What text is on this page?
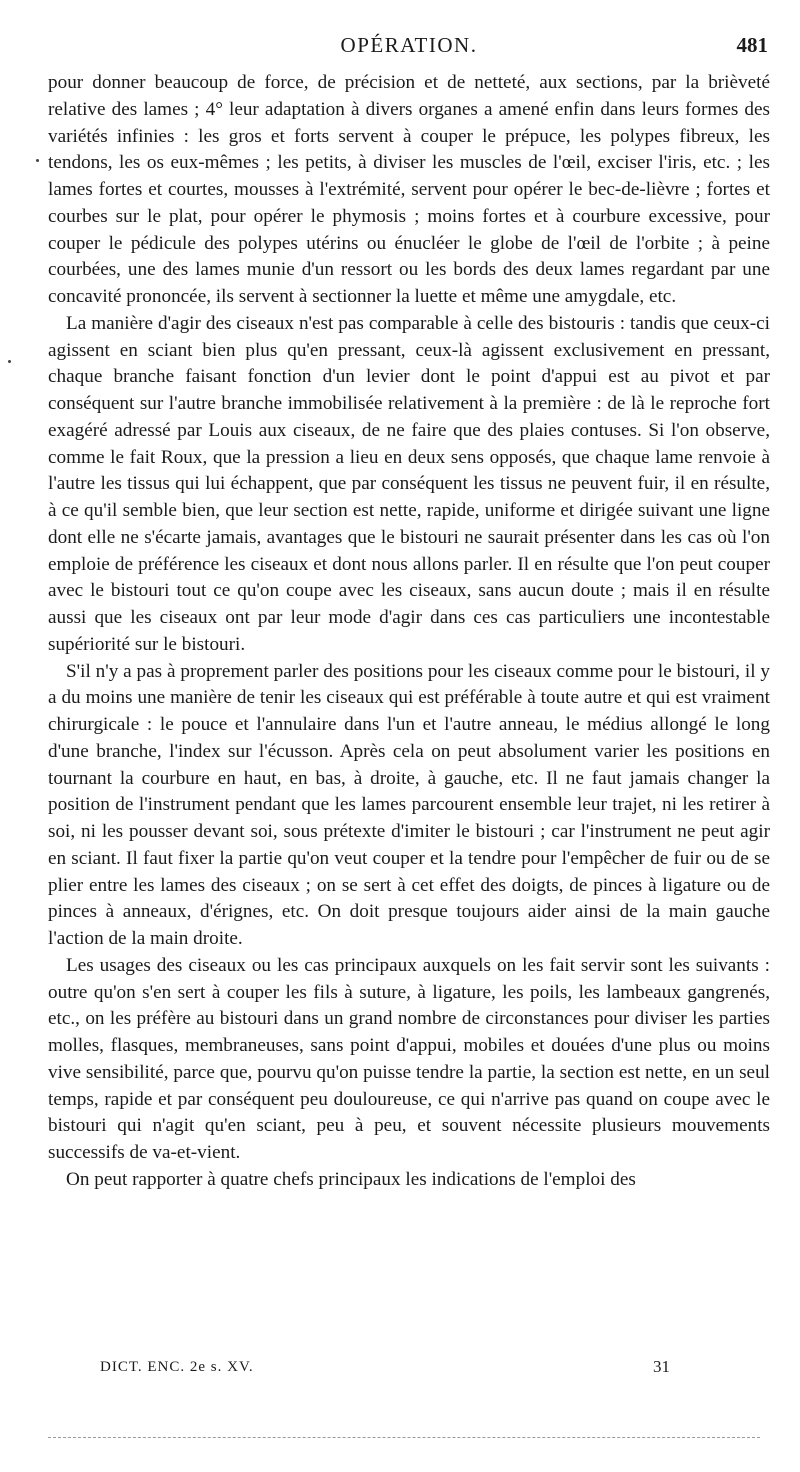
OPÉRATION.	481

pour donner beaucoup de force, de précision et de netteté, aux sections, par la brièveté relative des lames ; 4° leur adaptation à divers organes a amené enfin dans leurs formes des variétés infinies : les gros et forts servent à couper le prépuce, les polypes fibreux, les tendons, les os eux-mêmes ; les petits, à diviser les muscles de l'œil, exciser l'iris, etc. ; les lames fortes et courtes, mousses à l'extrémité, servent pour opérer le bec-de-lièvre ; fortes et courbes sur le plat, pour opérer le phymosis ; moins fortes et à courbure excessive, pour couper le pédicule des polypes utérins ou énucléer le globe de l'œil de l'orbite ; à peine courbées, une des lames munie d'un ressort ou les bords des deux lames regardant par une concavité prononcée, ils servent à sectionner la luette et même une amygdale, etc.

La manière d'agir des ciseaux n'est pas comparable à celle des bistouris : tandis que ceux-ci agissent en sciant bien plus qu'en pressant, ceux-là agissent exclusivement en pressant, chaque branche faisant fonction d'un levier dont le point d'appui est au pivot et par conséquent sur l'autre branche immobilisée relativement à la première : de là le reproche fort exagéré adressé par Louis aux ciseaux, de ne faire que des plaies contuses. Si l'on observe, comme le fait Roux, que la pression a lieu en deux sens opposés, que chaque lame renvoie à l'autre les tissus qui lui échappent, que par conséquent les tissus ne peuvent fuir, il en résulte, à ce qu'il semble bien, que leur section est nette, rapide, uniforme et dirigée suivant une ligne dont elle ne s'écarte jamais, avantages que le bistouri ne saurait présenter dans les cas où l'on emploie de préférence les ciseaux et dont nous allons parler. Il en résulte que l'on peut couper avec le bistouri tout ce qu'on coupe avec les ciseaux, sans aucun doute ; mais il en résulte aussi que les ciseaux ont par leur mode d'agir dans ces cas particuliers une incontestable supériorité sur le bistouri.

S'il n'y a pas à proprement parler des positions pour les ciseaux comme pour le bistouri, il y a du moins une manière de tenir les ciseaux qui est préférable à toute autre et qui est vraiment chirurgicale : le pouce et l'annulaire dans l'un et l'autre anneau, le médius allongé le long d'une branche, l'index sur l'écusson. Après cela on peut absolument varier les positions en tournant la courbure en haut, en bas, à droite, à gauche, etc. Il ne faut jamais changer la position de l'instrument pendant que les lames parcourent ensemble leur trajet, ni les retirer à soi, ni les pousser devant soi, sous prétexte d'imiter le bistouri ; car l'instrument ne peut agir en sciant. Il faut fixer la partie qu'on veut couper et la tendre pour l'empêcher de fuir ou de se plier entre les lames des ciseaux ; on se sert à cet effet des doigts, de pinces à ligature ou de pinces à anneaux, d'érignes, etc. On doit presque toujours aider ainsi de la main gauche l'action de la main droite.

Les usages des ciseaux ou les cas principaux auxquels on les fait servir sont les suivants : outre qu'on s'en sert à couper les fils à suture, à ligature, les poils, les lambeaux gangrenés, etc., on les préfère au bistouri dans un grand nombre de circonstances pour diviser les parties molles, flasques, membraneuses, sans point d'appui, mobiles et douées d'une plus ou moins vive sensibilité, parce que, pourvu qu'on puisse tendre la partie, la section est nette, en un seul temps, rapide et par conséquent peu douloureuse, ce qui n'arrive pas quand on coupe avec le bistouri qui n'agit qu'en sciant, peu à peu, et souvent nécessite plusieurs mouvements successifs de va-et-vient.

On peut rapporter à quatre chefs principaux les indications de l'emploi des

DICT. ENC. 2e s. XV.	31
